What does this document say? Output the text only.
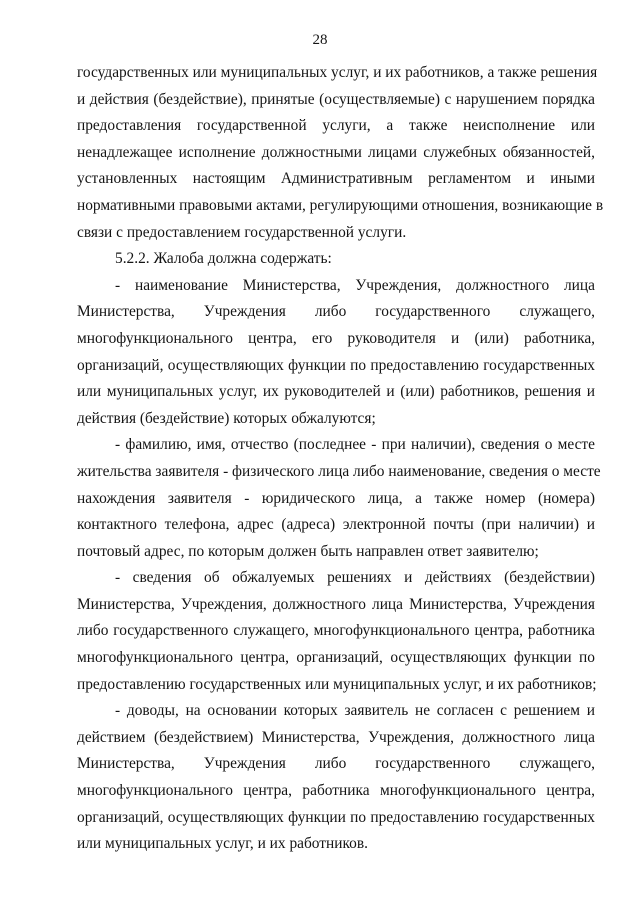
28
государственных или муниципальных услуг, и их работников, а также решения
и действия (бездействие), принятые (осуществляемые) с нарушением порядка
предоставления государственной услуги, а также неисполнение или
ненадлежащее исполнение должностными лицами служебных обязанностей,
установленных настоящим Административным регламентом и иными
нормативными правовыми актами, регулирующими отношения, возникающие в
связи с предоставлением государственной услуги.
5.2.2. Жалоба должна содержать:
- наименование Министерства, Учреждения, должностного лица
Министерства, Учреждения либо государственного служащего,
многофункционального центра, его руководителя и (или) работника,
организаций, осуществляющих функции по предоставлению государственных
или муниципальных услуг, их руководителей и (или) работников, решения и
действия (бездействие) которых обжалуются;
- фамилию, имя, отчество (последнее - при наличии), сведения о месте
жительства заявителя - физического лица либо наименование, сведения о месте
нахождения заявителя - юридического лица, а также номер (номера)
контактного телефона, адрес (адреса) электронной почты (при наличии) и
почтовый адрес, по которым должен быть направлен ответ заявителю;
- сведения об обжалуемых решениях и действиях (бездействии)
Министерства, Учреждения, должностного лица Министерства, Учреждения
либо государственного служащего, многофункционального центра, работника
многофункционального центра, организаций, осуществляющих функции по
предоставлению государственных или муниципальных услуг, и их работников;
- доводы, на основании которых заявитель не согласен с решением и
действием (бездействием) Министерства, Учреждения, должностного лица
Министерства, Учреждения либо государственного служащего,
многофункционального центра, работника многофункционального центра,
организаций, осуществляющих функции по предоставлению государственных
или муниципальных услуг, и их работников.
